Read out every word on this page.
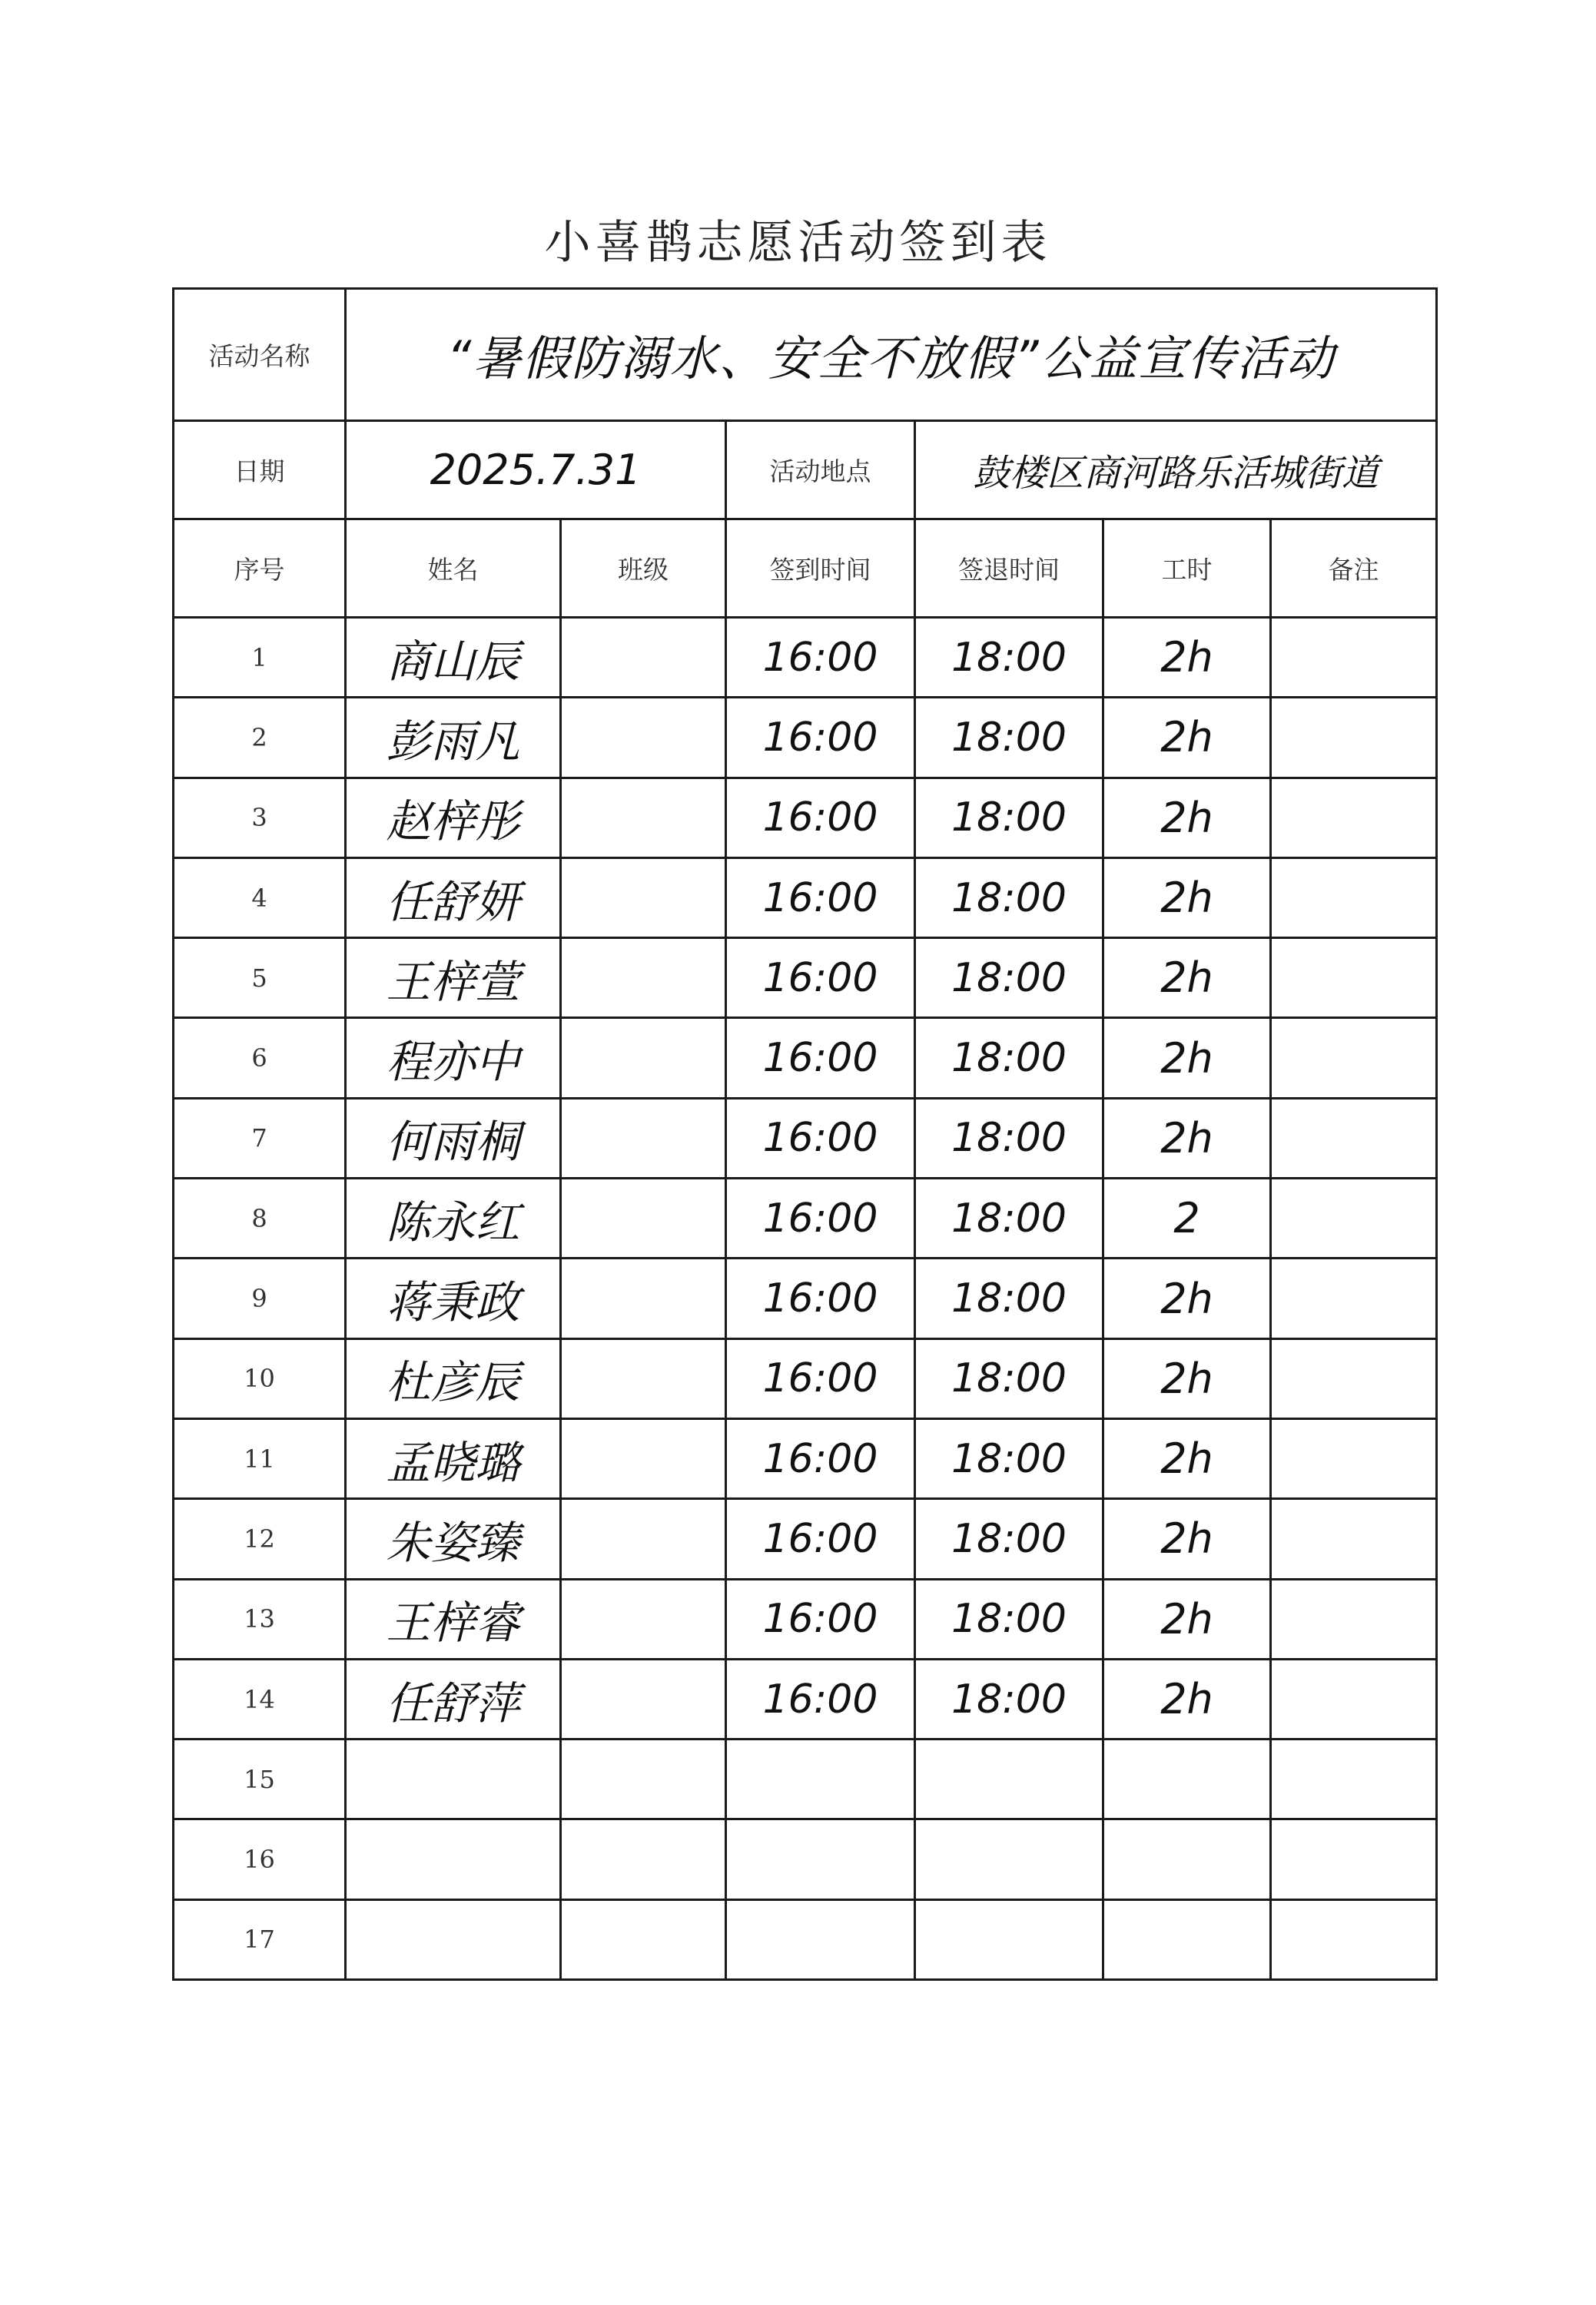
小喜鹊志愿活动签到表
活动名称	“暑假防溺水、安全不放假”公益宣传活动					
日期	2025.7.31		活动地点	鼓楼区商河路乐活城街道		
序号	姓名	班级	签到时间	签退时间	工时	备注
1	商山辰		16:00	18:00	2h	
2	彭雨凡		16:00	18:00	2h	
3	赵梓彤		16:00	18:00	2h	
4	任舒妍		16:00	18:00	2h	
5	王梓萱		16:00	18:00	2h	
6	程亦中		16:00	18:00	2h	
7	何雨桐		16:00	18:00	2h	
8	陈永红		16:00	18:00	2	
9	蒋秉政		16:00	18:00	2h	
10	杜彦辰		16:00	18:00	2h	
11	孟晓璐		16:00	18:00	2h	
12	朱姿臻		16:00	18:00	2h	
13	王梓睿		16:00	18:00	2h	
14	任舒萍		16:00	18:00	2h	
15						
16						
17						
